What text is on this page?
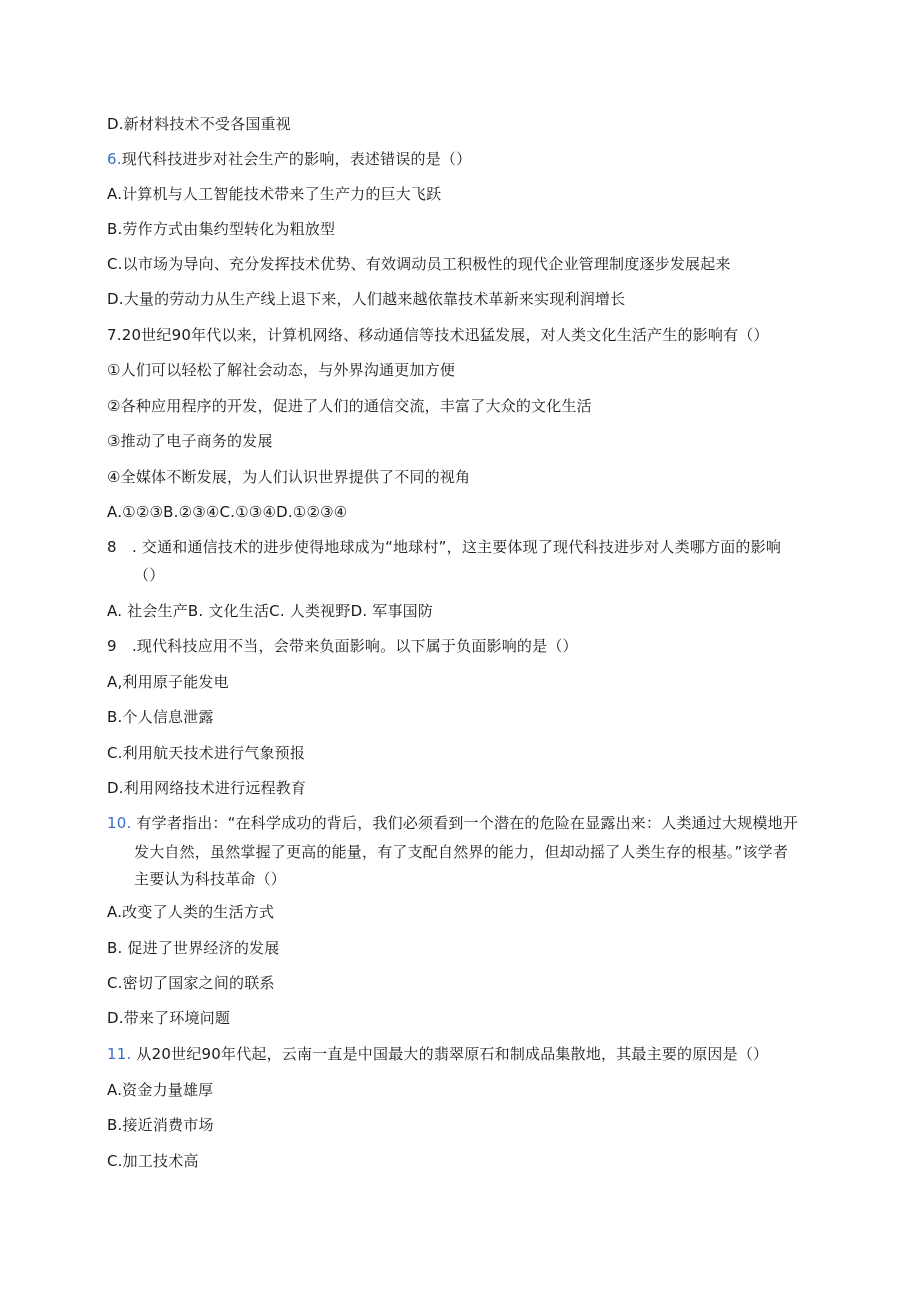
D.新材料技术不受各国重视
6.现代科技进步对社会生产的影响，表述错误的是（）
A.计算机与人工智能技术带来了生产力的巨大飞跃
B.劳作方式由集约型转化为粗放型
C.以市场为导向、充分发挥技术优势、有效调动员工积极性的现代企业管理制度逐步发展起来
D.大量的劳动力从生产线上退下来，人们越来越依靠技术革新来实现利润增长
7.20世纪90年代以来，计算机网络、移动通信等技术迅猛发展，对人类文化生活产生的影响有（）
①人们可以轻松了解社会动态，与外界沟通更加方便
②各种应用程序的开发，促进了人们的通信交流，丰富了大众的文化生活
③推动了电子商务的发展
④全媒体不断发展，为人们认识世界提供了不同的视角
A.①②③B.②③④C.①③④D.①②③④
8　. 交通和通信技术的进步使得地球成为“地球村”，这主要体现了现代科技进步对人类哪方面的影响
（）
A. 社会生产B. 文化生活C. 人类视野D. 军事国防
9　.现代科技应用不当，会带来负面影响。以下属于负面影响的是（）
A,利用原子能发电
B.个人信息泄露
C.利用航天技术进行气象预报
D.利用网络技术进行远程教育
10. 有学者指出：“在科学成功的背后，我们必须看到一个潜在的危险在显露出来：人类通过大规模地开
发大自然，虽然掌握了更高的能量，有了支配自然界的能力，但却动摇了人类生存的根基。”该学者
主要认为科技革命（）
A.改变了人类的生活方式
B. 促进了世界经济的发展
C.密切了国家之间的联系
D.带来了环境问题
11. 从20世纪90年代起，云南一直是中国最大的翡翠原石和制成品集散地，其最主要的原因是（）
A.资金力量雄厚
B.接近消费市场
C.加工技术高
